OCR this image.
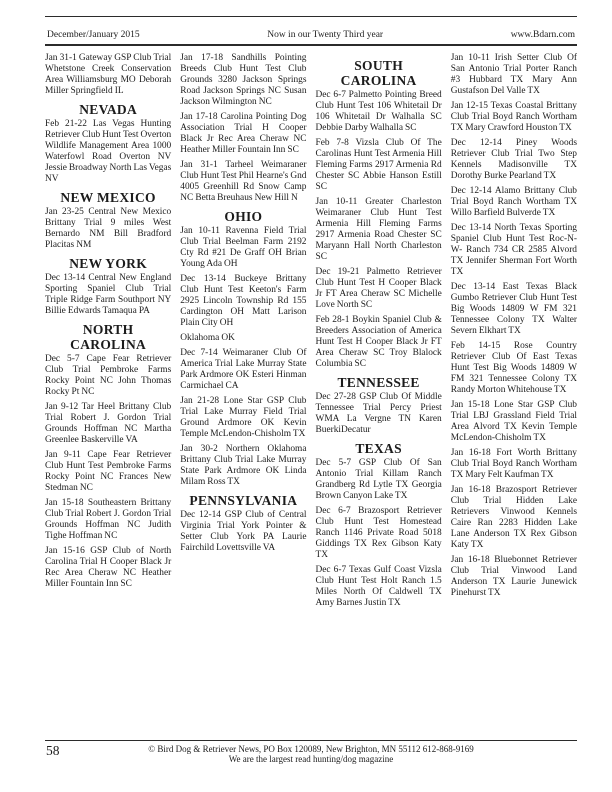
December/January 2015	Now in our Twenty Third year	www.Bdarn.com
Jan 31-1 Gateway GSP Club Trial Whetstone Creek Conservation Area Williamsburg MO Deborah Miller Springfield IL
NEVADA
Feb 21-22 Las Vegas Hunting Retriever Club Hunt Test Overton Wildlife Management Area 1000 Waterfowl Road Overton NV Jessie Broadway North Las Vegas NV
NEW MEXICO
Jan 23-25 Central New Mexico Brittany Trial 9 miles West Bernardo NM Bill Bradford Placitas NM
NEW YORK
Dec 13-14 Central New England Sporting Spaniel Club Trial Triple Ridge Farm Southport NY Billie Edwards Tamaqua PA
NORTH CAROLINA
Dec 5-7 Cape Fear Retriever Club Trial Pembroke Farms Rocky Point NC John Thomas Rocky Pt NC
Jan 9-12 Tar Heel Brittany Club Trial Robert J. Gordon Trial Grounds Hoffman NC Martha Greenlee Baskerville VA
Jan 9-11 Cape Fear Retriever Club Hunt Test Pembroke Farms Rocky Point NC Frances New Stedman NC
Jan 15-18 Southeastern Brittany Club Trial Robert J. Gordon Trial Grounds Hoffman NC Judith Tighe Hoffman NC
Jan 15-16 GSP Club of North Carolina Trial H Cooper Black Jr Rec Area Cheraw NC Heather Miller Fountain Inn SC
Jan 17-18 Sandhills Pointing Breeds Club Hunt Test Club Grounds 3280 Jackson Springs Road Jackson Springs NC Susan Jackson Wilmington NC
Jan 17-18 Carolina Pointing Dog Association Trial H Cooper Black Jr Rec Area Cheraw NC Heather Miller Fountain Inn SC
Jan 31-1 Tarheel Weimaraner Club Hunt Test Phil Hearne's Gnd 4005 Greenhill Rd Snow Camp NC Betta Breuhaus New Hill N
OHIO
Jan 10-11 Ravenna Field Trial Club Trial Beelman Farm 2192 Cty Rd #21 De Graff OH Brian Young Ada OH
Dec 13-14 Buckeye Brittany Club Hunt Test Keeton's Farm 2925 Lincoln Township Rd 155 Cardington OH Matt Larison Plain City OH
Oklahoma OK
Dec 7-14 Weimaraner Club Of America Trial Lake Murray State Park Ardmore OK Esteri Hinman Carmichael CA
Jan 21-28 Lone Star GSP Club Trial Lake Murray Field Trial Ground Ardmore OK Kevin Temple McLendon-Chisholm TX
Jan 30-2 Northern Oklahoma Brittany Club Trial Lake Murray State Park Ardmore OK Linda Milam Ross TX
PENNSYLVANIA
Dec 12-14 GSP Club of Central Virginia Trial York Pointer & Setter Club York PA Laurie Fairchild Lovettsville VA
SOUTH CAROLINA
Dec 6-7 Palmetto Pointing Breed Club Hunt Test 106 Whitetail Dr 106 Whitetail Dr Walhalla SC Debbie Darby Walhalla SC
Feb 7-8 Vizsla Club Of The Carolinas Hunt Test Armenia Hill Fleming Farms 2917 Armenia Rd Chester SC Abbie Hanson Estill SC
Jan 10-11 Greater Charleston Weimaraner Club Hunt Test Armenia Hill Fleming Farms 2917 Armenia Road Chester SC Maryann Hall North Charleston SC
Dec 19-21 Palmetto Retriever Club Hunt Test H Cooper Black Jr FT Area Cheraw SC Michelle Love North SC
Feb 28-1 Boykin Spaniel Club & Breeders Association of America Hunt Test H Cooper Black Jr FT Area Cheraw SC Troy Blalock Columbia SC
TENNESSEE
Dec 27-28 GSP Club Of Middle Tennessee Trial Percy Priest WMA La Vergne TN Karen BuerkiDecatur
TEXAS
Dec 5-7 GSP Club Of San Antonio Trial Killam Ranch Grandberg Rd Lytle TX Georgia Brown Canyon Lake TX
Dec 6-7 Brazosport Retriever Club Hunt Test Homestead Ranch 1146 Private Road 5018 Giddings TX Rex Gibson Katy TX
Dec 6-7 Texas Gulf Coast Vizsla Club Hunt Test Holt Ranch 1.5 Miles North Of Caldwell TX Amy Barnes Justin TX
Jan 10-11 Irish Setter Club Of San Antonio Trial Porter Ranch #3 Hubbard TX Mary Ann Gustafson Del Valle TX
Jan 12-15 Texas Coastal Brittany Club Trial Boyd Ranch Wortham TX Mary Crawford Houston TX
Dec 12-14 Piney Woods Retriever Club Trial Two Step Kennels Madisonville TX Dorothy Burke Pearland TX
Dec 12-14 Alamo Brittany Club Trial Boyd Ranch Wortham TX Willo Barfield Bulverde TX
Dec 13-14 North Texas Sporting Spaniel Club Hunt Test Roc-N-W- Ranch 734 CR 2585 Alvord TX Jennifer Sherman Fort Worth TX
Dec 13-14 East Texas Black Gumbo Retriever Club Hunt Test Big Woods 14809 W FM 321 Tennessee Colony TX Walter Severn Elkhart TX
Feb 14-15 Rose Country Retriever Club Of East Texas Hunt Test Big Woods 14809 W FM 321 Tennessee Colony TX Randy Morton Whitehouse TX
Jan 15-18 Lone Star GSP Club Trial LBJ Grassland Field Trial Area Alvord TX Kevin Temple McLendon-Chisholm TX
Jan 16-18 Fort Worth Brittany Club Trial Boyd Ranch Wortham TX Mary Felt Kaufman TX
Jan 16-18 Brazosport Retriever Club Trial Hidden Lake Retrievers Vinwood Kennels Caire Ran 2283 Hidden Lake Lane Anderson TX Rex Gibson Katy TX
Jan 16-18 Bluebonnet Retriever Club Trial Vinwood Land Anderson TX Laurie Junewick Pinehurst TX
58	© Bird Dog & Retriever News, PO Box 120089, New Brighton, MN 55112 612-868-9169
We are the largest read hunting/dog magazine
